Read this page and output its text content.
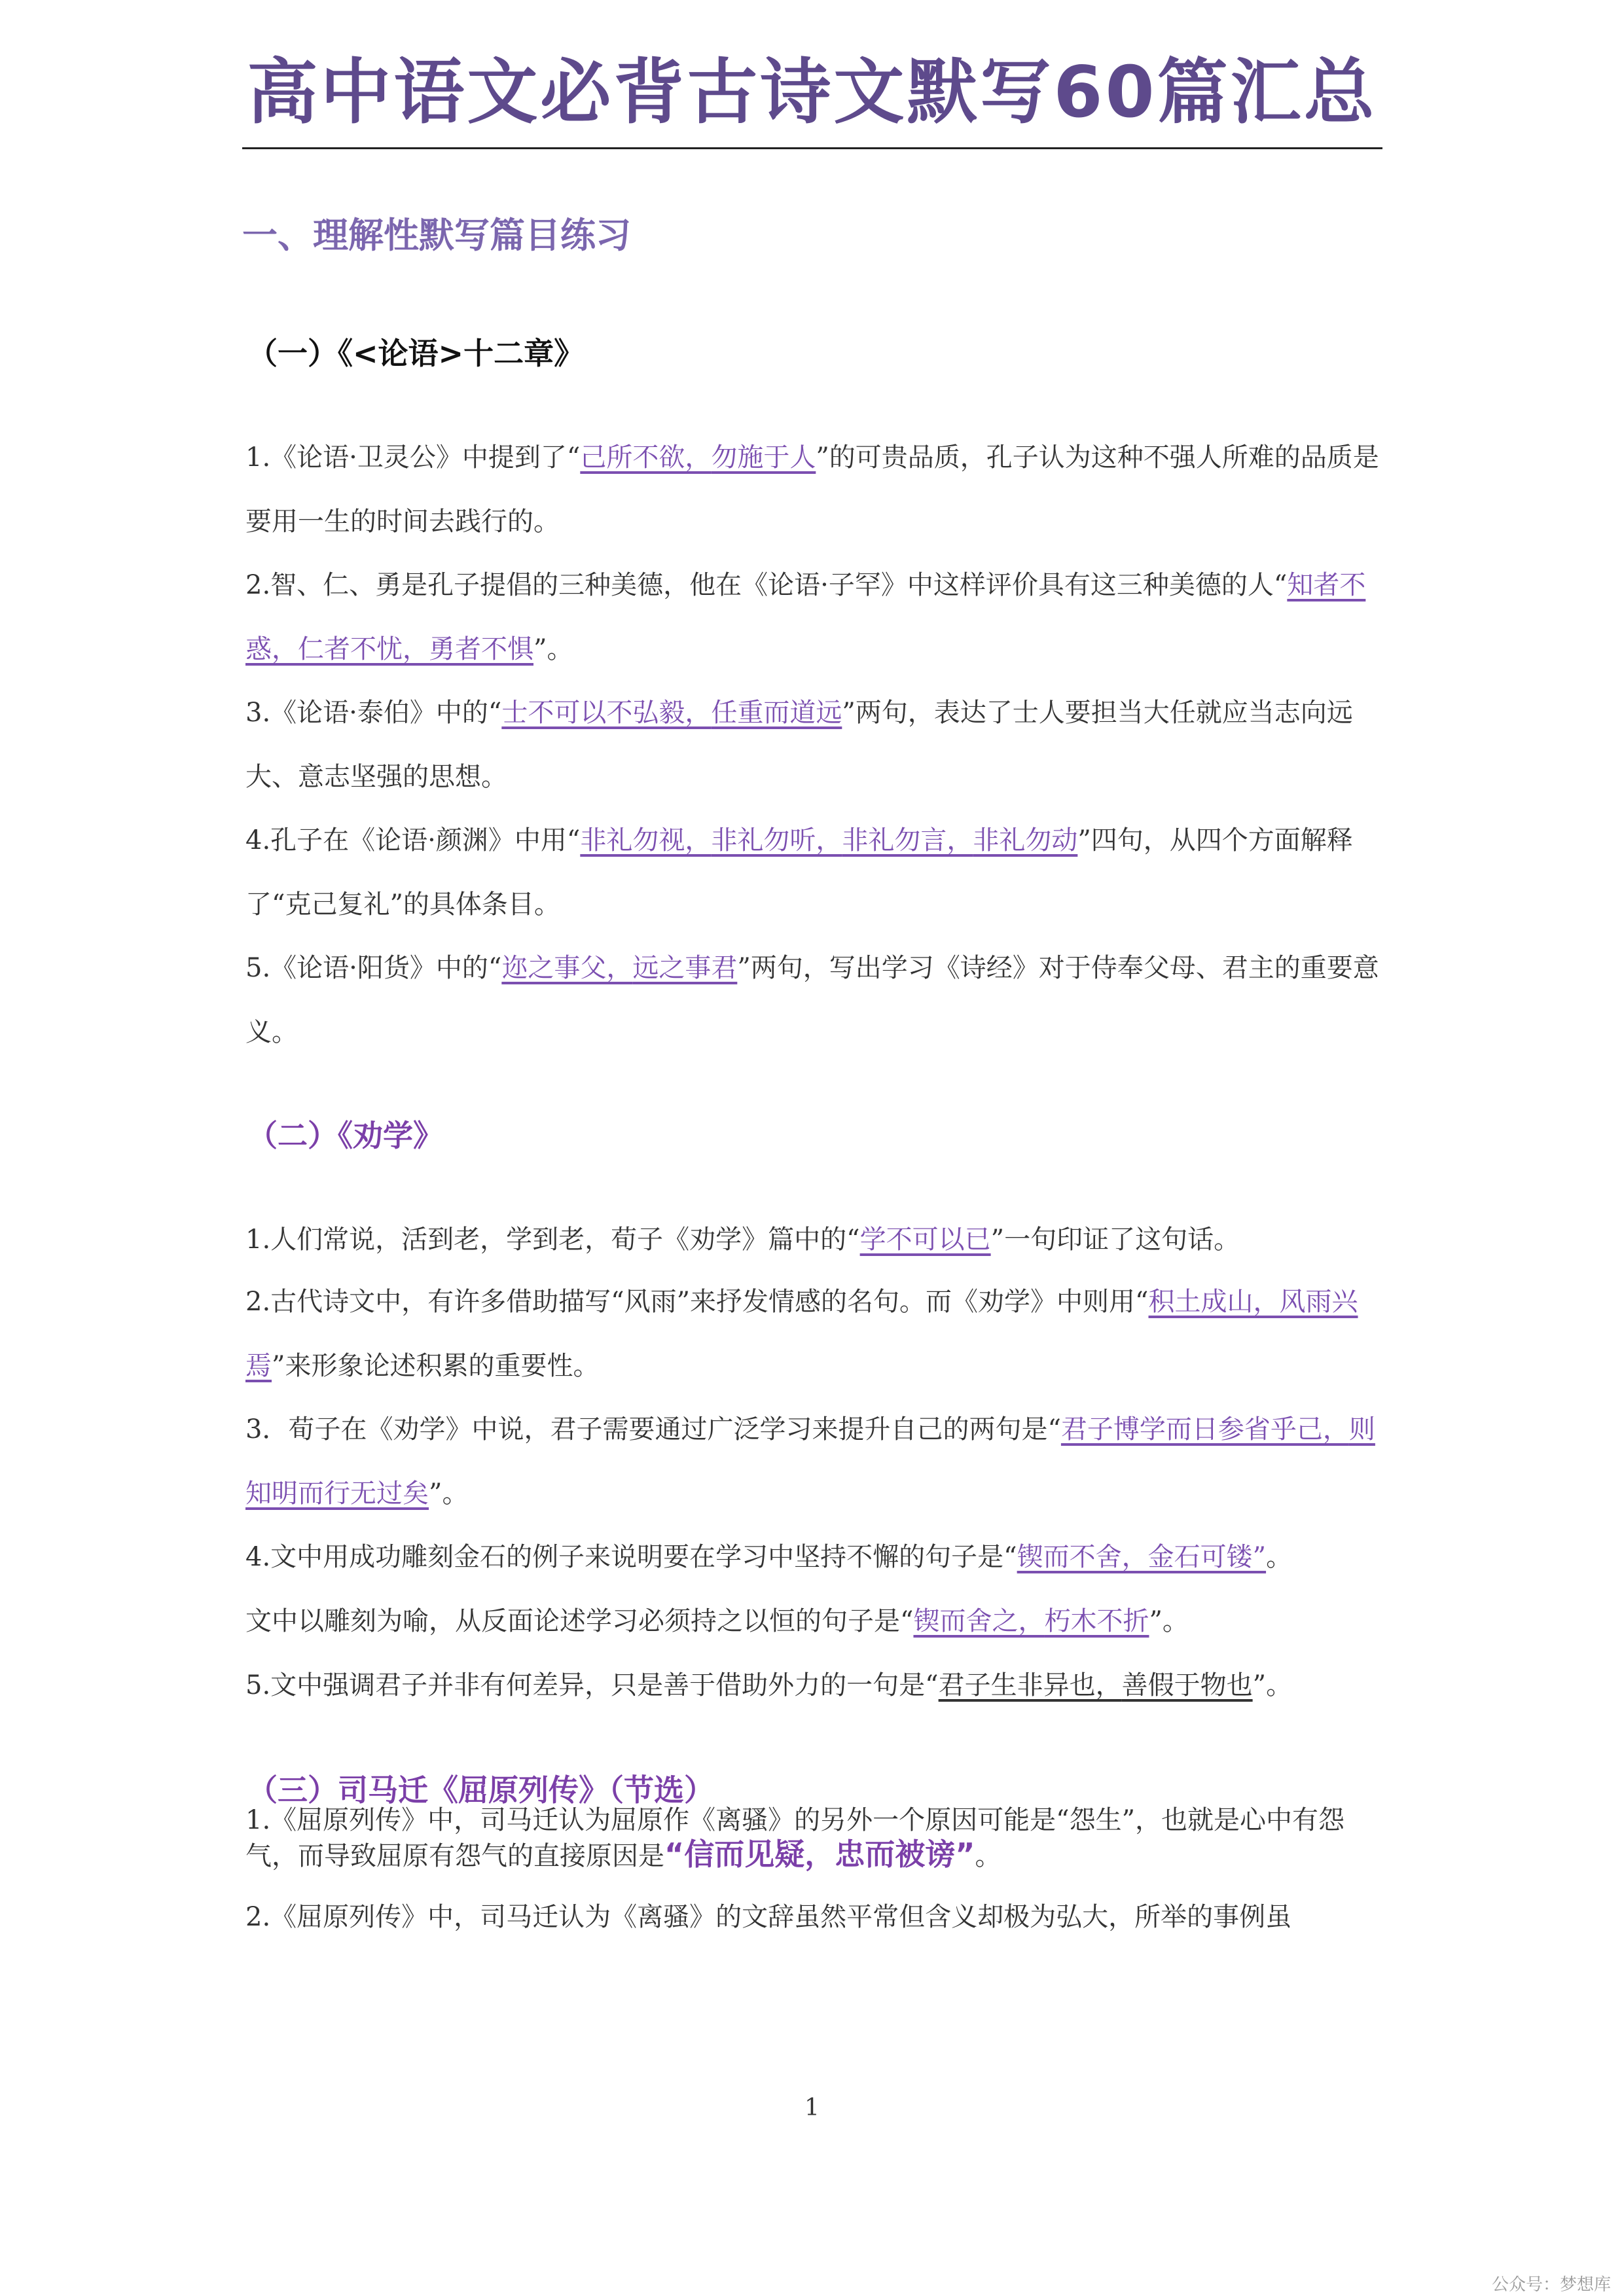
高中语文必背古诗文默写60篇汇总
一、理解性默写篇目练习
（一）《<论语>十二章》

1.《论语·卫灵公》中提到了“己所不欲，勿施于人”的可贵品质，孔子认为这种不强人所难的品质是要用一生的时间去践行的。

2.智、仁、勇是孔子提倡的三种美德，他在《论语·子罕》中这样评价具有这三种美德的人“知者不惑，仁者不忧，勇者不惧”。

3.《论语·泰伯》中的“士不可以不弘毅，任重而道远”两句，表达了士人要担当大任就应当志向远大、意志坚强的思想。

4.孔子在《论语·颜渊》中用“非礼勿视，非礼勿听，非礼勿言，非礼勿动”四句，从四个方面解释了“克己复礼”的具体条目。

5.《论语·阳货》中的“迩之事父，远之事君”两句，写出学习《诗经》对于侍奉父母、君主的重要意义。

（二）《劝学》

1.人们常说，活到老，学到老，荀子《劝学》篇中的“学不可以已”一句印证了这句话。

2.古代诗文中，有许多借助描写“风雨”来抒发情感的名句。而《劝学》中则用“积土成山，风雨兴焉”来形象论述积累的重要性。

3．荀子在《劝学》中说，君子需要通过广泛学习来提升自己的两句是“君子博学而日参省乎己，则知明而行无过矣”。

4.文中用成功雕刻金石的例子来说明要在学习中坚持不懈的句子是“锲而不舍，金石可镂”。

文中以雕刻为喻，从反面论述学习必须持之以恒的句子是“锲而舍之，朽木不折”。

5.文中强调君子并非有何差异，只是善于借助外力的一句是“君子生非异也，善假于物也”。

（三）司马迁《屈原列传》（节选）

1.《屈原列传》中，司马迁认为屈原作《离骚》的另外一个原因可能是“怨生”，也就是心中有怨气，而导致屈原有怨气的直接原因是“信而见疑，忠而被谤”。

2.《屈原列传》中，司马迁认为《离骚》的文辞虽然平常但含义却极为弘大，所举的事例虽

1
公众号：梦想库
